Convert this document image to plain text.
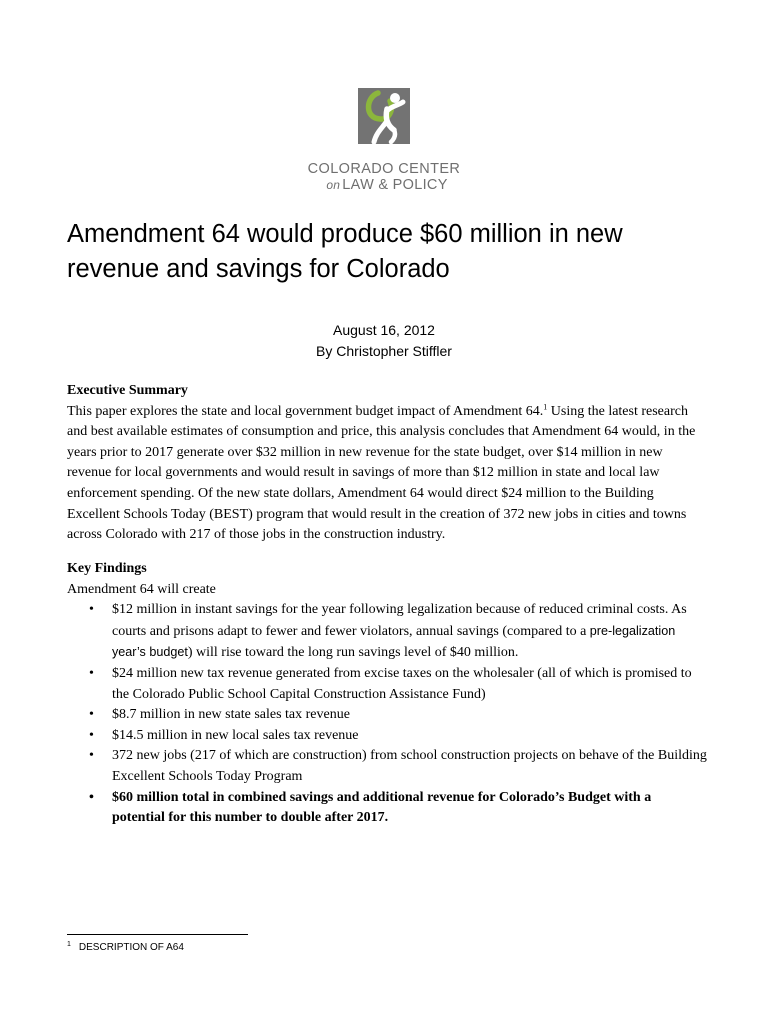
COLORADO CENTER
on LAW & POLICY
Amendment 64 would produce $60 million in new revenue and savings for Colorado
August 16, 2012
By Christopher Stiffler

Executive Summary

This paper explores the state and local government budget impact of Amendment 64.$^1$ Using the latest research and best available estimates of consumption and price, this analysis concludes that Amendment 64 would, in the years prior to 2017 generate over $32 million in new revenue for the state budget, over $14 million in new revenue for local governments and would result in savings of more than $12 million in state and local law enforcement spending. Of the new state dollars, Amendment 64 would direct $24 million to the Building Excellent Schools Today (BEST) program that would result in the creation of 372 new jobs in cities and towns across Colorado with 217 of those jobs in the construction industry.

Key Findings

Amendment 64 will create

• $12 million in instant savings for the year following legalization because of reduced criminal costs. As courts and prisons adapt to fewer and fewer violators, annual savings (compared to a pre-legalization year’s budget) will rise toward the long run savings level of $40 million.
• $24 million new tax revenue generated from excise taxes on the wholesaler (all of which is promised to the Colorado Public School Capital Construction Assistance Fund)
• $8.7 million in new state sales tax revenue
• $14.5 million in new local sales tax revenue
• 372 new jobs (217 of which are construction) from school construction projects on behave of the Building Excellent Schools Today Program
• $60 million total in combined savings and additional revenue for Colorado’s Budget with a potential for this number to double after 2017.
$^1$ DESCRIPTION OF A64
